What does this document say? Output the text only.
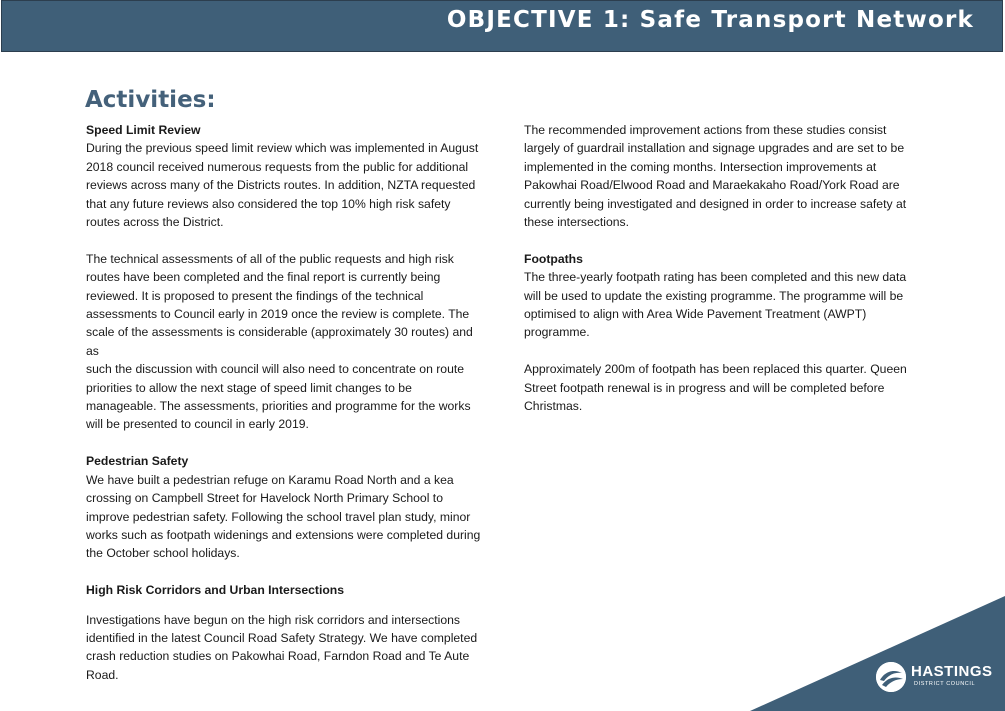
OBJECTIVE 1: Safe Transport Network
Activities:

Speed Limit Review

During the previous speed limit review which was implemented in August
2018 council received numerous requests from the public for additional
reviews across many of the Districts routes. In addition, NZTA requested
that any future reviews also considered the top 10% high risk safety
routes across the District.
The technical assessments of all of the public requests and high risk
routes have been completed and the final report is currently being
reviewed. It is proposed to present the findings of the technical
assessments to Council early in 2019 once the review is complete. The
scale of the assessments is considerable (approximately 30 routes) and as
such the discussion with council will also need to concentrate on route
priorities to allow the next stage of speed limit changes to be
manageable. The assessments, priorities and programme for the works
will be presented to council in early 2019.

Pedestrian Safety

We have built a pedestrian refuge on Karamu Road North and a kea
crossing on Campbell Street for Havelock North Primary School to
improve pedestrian safety. Following the school travel plan study, minor
works such as footpath widenings and extensions were completed during
the October school holidays.

High Risk Corridors and Urban Intersections

Investigations have begun on the high risk corridors and intersections
identified in the latest Council Road Safety Strategy. We have completed
crash reduction studies on Pakowhai Road, Farndon Road and Te Aute
Road.
The recommended improvement actions from these studies consist
largely of guardrail installation and signage upgrades and are set to be
implemented in the coming months. Intersection improvements at
Pakowhai Road/Elwood Road and Maraekakaho Road/York Road are
currently being investigated and designed in order to increase safety at
these intersections.

Footpaths

The three-yearly footpath rating has been completed and this new data
will be used to update the existing programme. The programme will be
optimised to align with Area Wide Pavement Treatment (AWPT)
programme.
Approximately 200m of footpath has been replaced this quarter. Queen
Street footpath renewal is in progress and will be completed before
Christmas.
HASTINGS
DISTRICT COUNCIL
